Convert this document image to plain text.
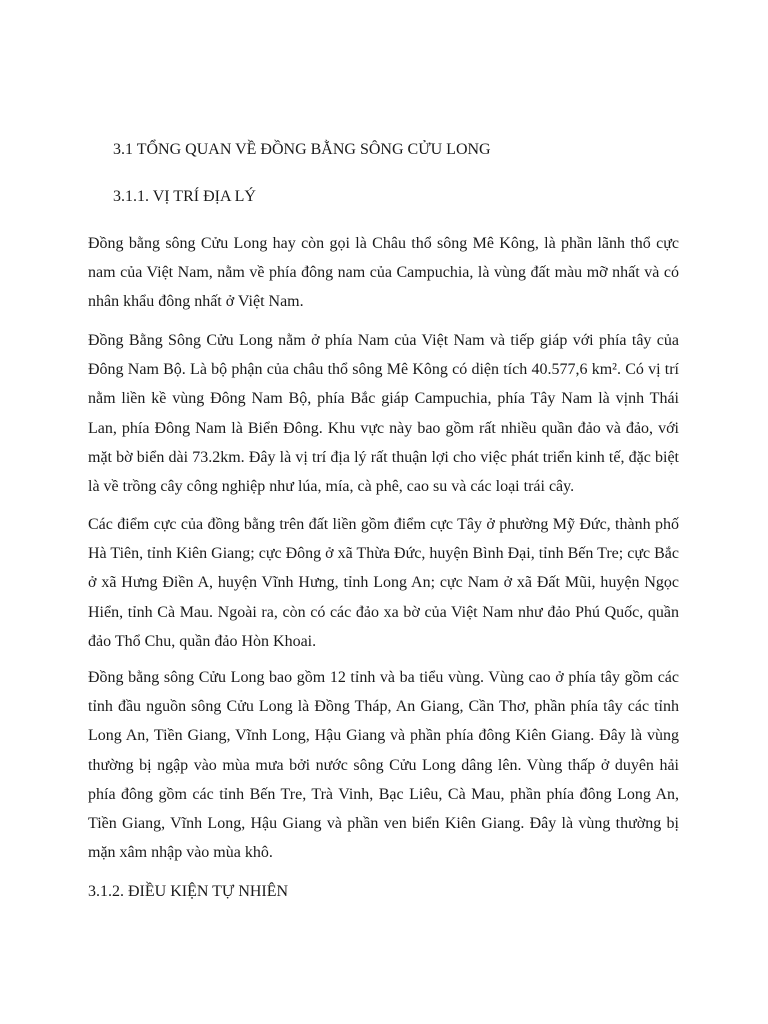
3.1 TỔNG QUAN VỀ ĐỒNG BẰNG SÔNG CỬU LONG
3.1.1. VỊ TRÍ ĐỊA LÝ

Đồng bằng sông Cửu Long hay còn gọi là Châu thổ sông Mê Kông, là phần lãnh thổ cực nam của Việt Nam, nằm về phía đông nam của Campuchia, là vùng đất màu mỡ nhất và có nhân khẩu đông nhất ở Việt Nam.

Đồng Bằng Sông Cửu Long nằm ở phía Nam của Việt Nam và tiếp giáp với phía tây của Đông Nam Bộ. Là bộ phận của châu thổ sông Mê Kông có diện tích 40.577,6 km². Có vị trí nằm liền kề vùng Đông Nam Bộ, phía Bắc giáp Campuchia, phía Tây Nam là vịnh Thái Lan, phía Đông Nam là Biển Đông. Khu vực này bao gồm rất nhiều quần đảo và đảo, với mặt bờ biển dài 73.2km. Đây là vị trí địa lý rất thuận lợi cho việc phát triển kinh tế, đặc biệt là về trồng cây công nghiệp như lúa, mía, cà phê, cao su và các loại trái cây.

Các điểm cực của đồng bằng trên đất liền gồm điểm cực Tây ở phường Mỹ Đức, thành phố Hà Tiên, tỉnh Kiên Giang; cực Đông ở xã Thừa Đức, huyện Bình Đại, tỉnh Bến Tre; cực Bắc ở xã Hưng Điền A, huyện Vĩnh Hưng, tỉnh Long An; cực Nam ở xã Đất Mũi, huyện Ngọc Hiển, tỉnh Cà Mau. Ngoài ra, còn có các đảo xa bờ của Việt Nam như đảo Phú Quốc, quần đảo Thổ Chu, quần đảo Hòn Khoai.

Đồng bằng sông Cửu Long bao gồm 12 tỉnh và ba tiểu vùng. Vùng cao ở phía tây gồm các tỉnh đầu nguồn sông Cửu Long là Đồng Tháp, An Giang, Cần Thơ, phần phía tây các tỉnh Long An, Tiền Giang, Vĩnh Long, Hậu Giang và phần phía đông Kiên Giang. Đây là vùng thường bị ngập vào mùa mưa bởi nước sông Cửu Long dâng lên. Vùng thấp ở duyên hải phía đông gồm các tỉnh Bến Tre, Trà Vinh, Bạc Liêu, Cà Mau, phần phía đông Long An, Tiền Giang, Vĩnh Long, Hậu Giang và phần ven biển Kiên Giang. Đây là vùng thường bị mặn xâm nhập vào mùa khô.

3.1.2. ĐIỀU KIỆN TỰ NHIÊN
